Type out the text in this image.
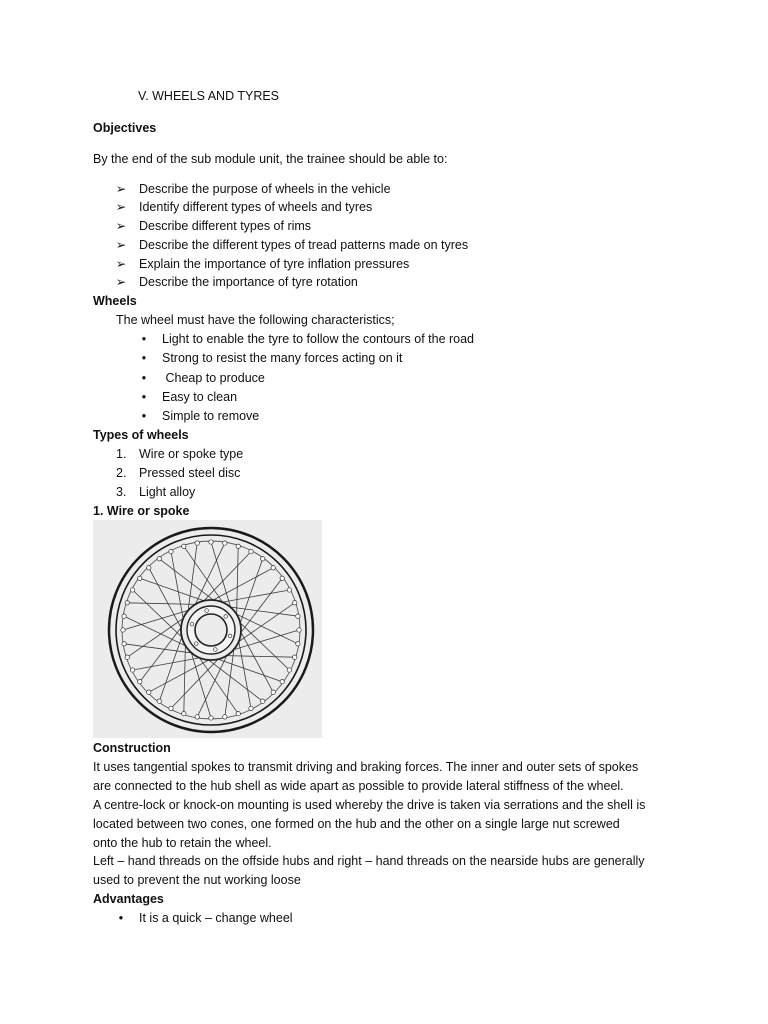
V. WHEELS AND TYRES
Objectives
By the end of the sub module unit, the trainee should be able to:
➢ Describe the purpose of wheels in the vehicle
➢ Identify different types of wheels and tyres
➢ Describe different types of rims
➢ Describe the different types of tread patterns made on tyres
➢ Explain the importance of tyre inflation pressures
➢ Describe the importance of tyre rotation
Wheels
The wheel must have the following characteristics;
•	Light to enable the tyre to follow the contours of the road
•	Strong to resist the many forces acting on it
•	Cheap to produce
•	Easy to clean
•	Simple to remove
Types of wheels
1. Wire or spoke type
2. Pressed steel disc
3. Light alloy
1. Wire or spoke
Construction
It uses tangential spokes to transmit driving and braking forces. The inner and outer sets of spokes
are connected to the hub shell as wide apart as possible to provide lateral stiffness of the wheel.
A centre-lock or knock-on mounting is used whereby the drive is taken via serrations and the shell is
located between two cones, one formed on the hub and the other on a single large nut screwed
onto the hub to retain the wheel.
Left – hand threads on the offside hubs and right – hand threads on the nearside hubs are generally
used to prevent the nut working loose
Advantages
•	It is a quick – change wheel
